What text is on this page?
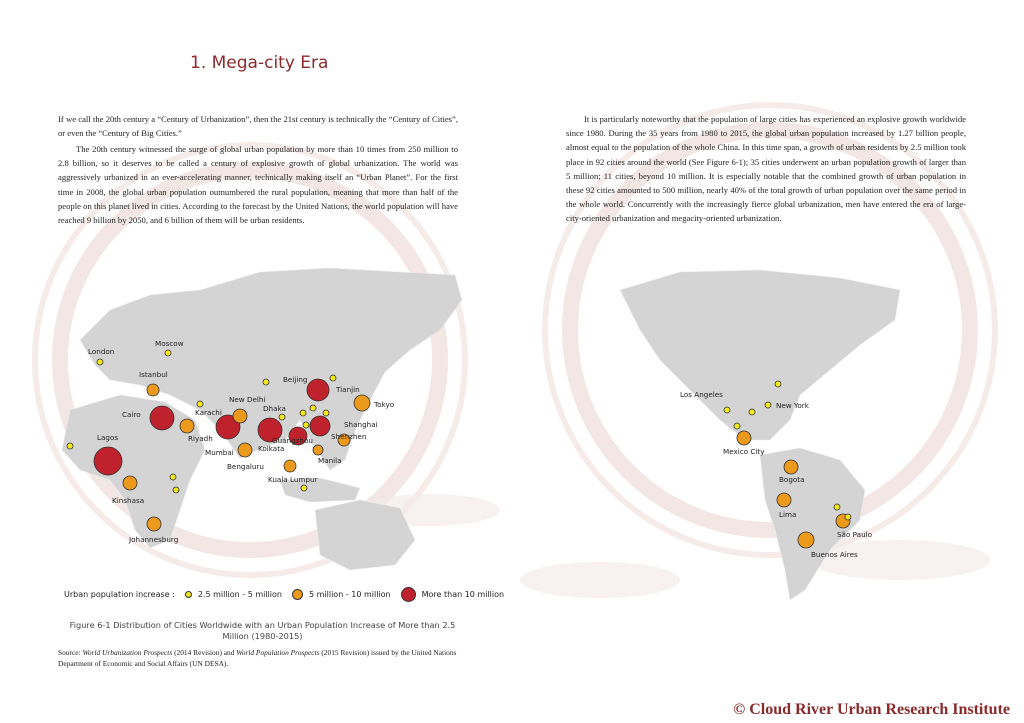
1. Mega-city Era
If we call the 20th century a “Century of Urbanization”, then the 21st century is technically the “Century of Cities”, or even the “Century of Big Cities.”
The 20th century witnessed the surge of global urban population by more than 10 times from 250 million to 2.8 billion, so it deserves to be called a century of explosive growth of global urbanization. The world was aggressively urbanized in an ever-accelerating manner, technically making itself an “Urban Planet”. For the first time in 2008, the global urban population outnumbered the rural population, meaning that more than half of the people on this planet lived in cities. According to the forecast by the United Nations, the world population will have reached 9 billion by 2050, and 6 billion of them will be urban residents.
It is particularly noteworthy that the population of large cities has experienced an explosive growth worldwide since 1980. During the 35 years from 1980 to 2015, the global urban population increased by 1.27 billion people, almost equal to the population of the whole China. In this time span, a growth of urban residents by 2.5 million took place in 92 cities around the world (See Figure 6-1); 35 cities underwent an urban population growth of larger than 5 million; 11 cities, beyond 10 million. It is especially notable that the combined growth of urban population in these 92 cities amounted to 500 million, nearly 40% of the total growth of urban population over the same period in the whole world. Concurrently with the increasingly fierce global urbanization, men have entered the era of large-city-oriented urbanization and megacity-oriented urbanization.
London
Moscow
Istanbul
Beijing
Tianjin
Tokyo
Cairo	Karachi
New Delhi
Dhaka
Shanghai
Guangzhou
Kolkata
Shenzhen
Riyadh
Mumbai
Lagos
Bengaluru
Manila
Kuala Lumpur
Kinshasa
Johannesburg
Los Angeles
New York
Mexico City
Bogota
Lima
São Paulo
Buenos Aires
Urban population increase :	2.5 million - 5 million	5 million - 10 million	More than 10 million
Figure 6-1 Distribution of Cities Worldwide with an Urban Population Increase of More than 2.5 Million (1980-2015)
Source: World Urbanization Prospects (2014 Revision) and World Population Prospects (2015 Revision) issued by the United Nations Department of Economic and Social Affairs (UN DESA).
© Cloud River Urban Research Institute
